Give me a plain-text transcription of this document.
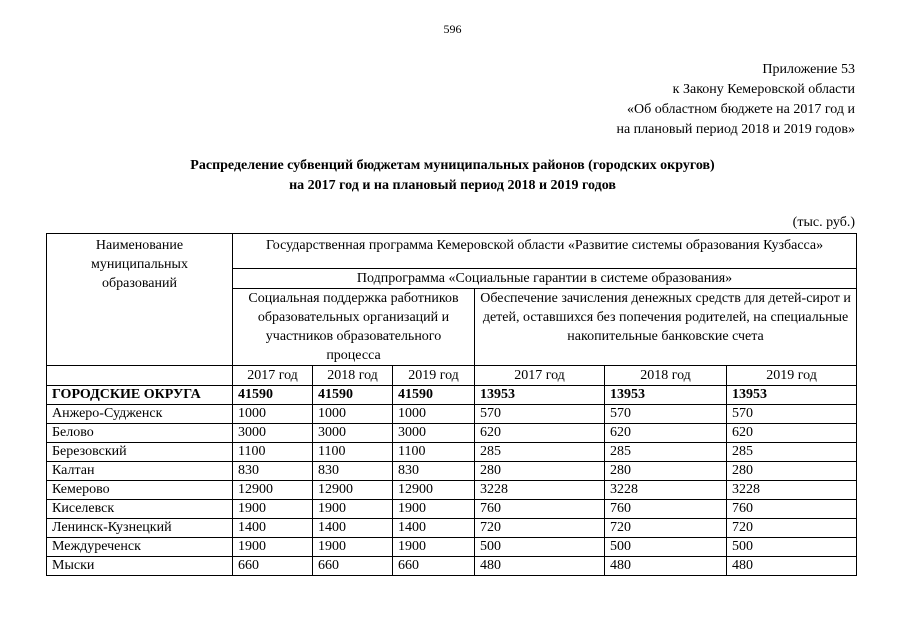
596
Приложение 53
к Закону Кемеровской области
«Об областном бюджете на 2017 год и
на плановый период 2018 и 2019 годов»
Распределение субвенций бюджетам муниципальных районов (городских округов)
на 2017 год и на плановый период 2018 и 2019 годов
(тыс. руб.)
Наименование муниципальных образований	Государственная программа Кемеровской области «Развитие системы образования Кузбасса»					
	Подпрограмма «Социальные гарантии в системе образования»					
	Социальная поддержка работников образовательных организаций и участников образовательного процесса			Обеспечение зачисления денежных средств для детей-сирот и детей, оставшихся без попечения родителей, на специальные накопительные банковские счета		
	2017 год	2018 год	2019 год	2017 год	2018 год	2019 год
ГОРОДСКИЕ ОКРУГА	41590	41590	41590	13953	13953	13953
Анжеро-Судженск	1000	1000	1000	570	570	570
Белово	3000	3000	3000	620	620	620
Березовский	1100	1100	1100	285	285	285
Калтан	830	830	830	280	280	280
Кемерово	12900	12900	12900	3228	3228	3228
Киселевск	1900	1900	1900	760	760	760
Ленинск-Кузнецкий	1400	1400	1400	720	720	720
Междуреченск	1900	1900	1900	500	500	500
Мыски	660	660	660	480	480	480
